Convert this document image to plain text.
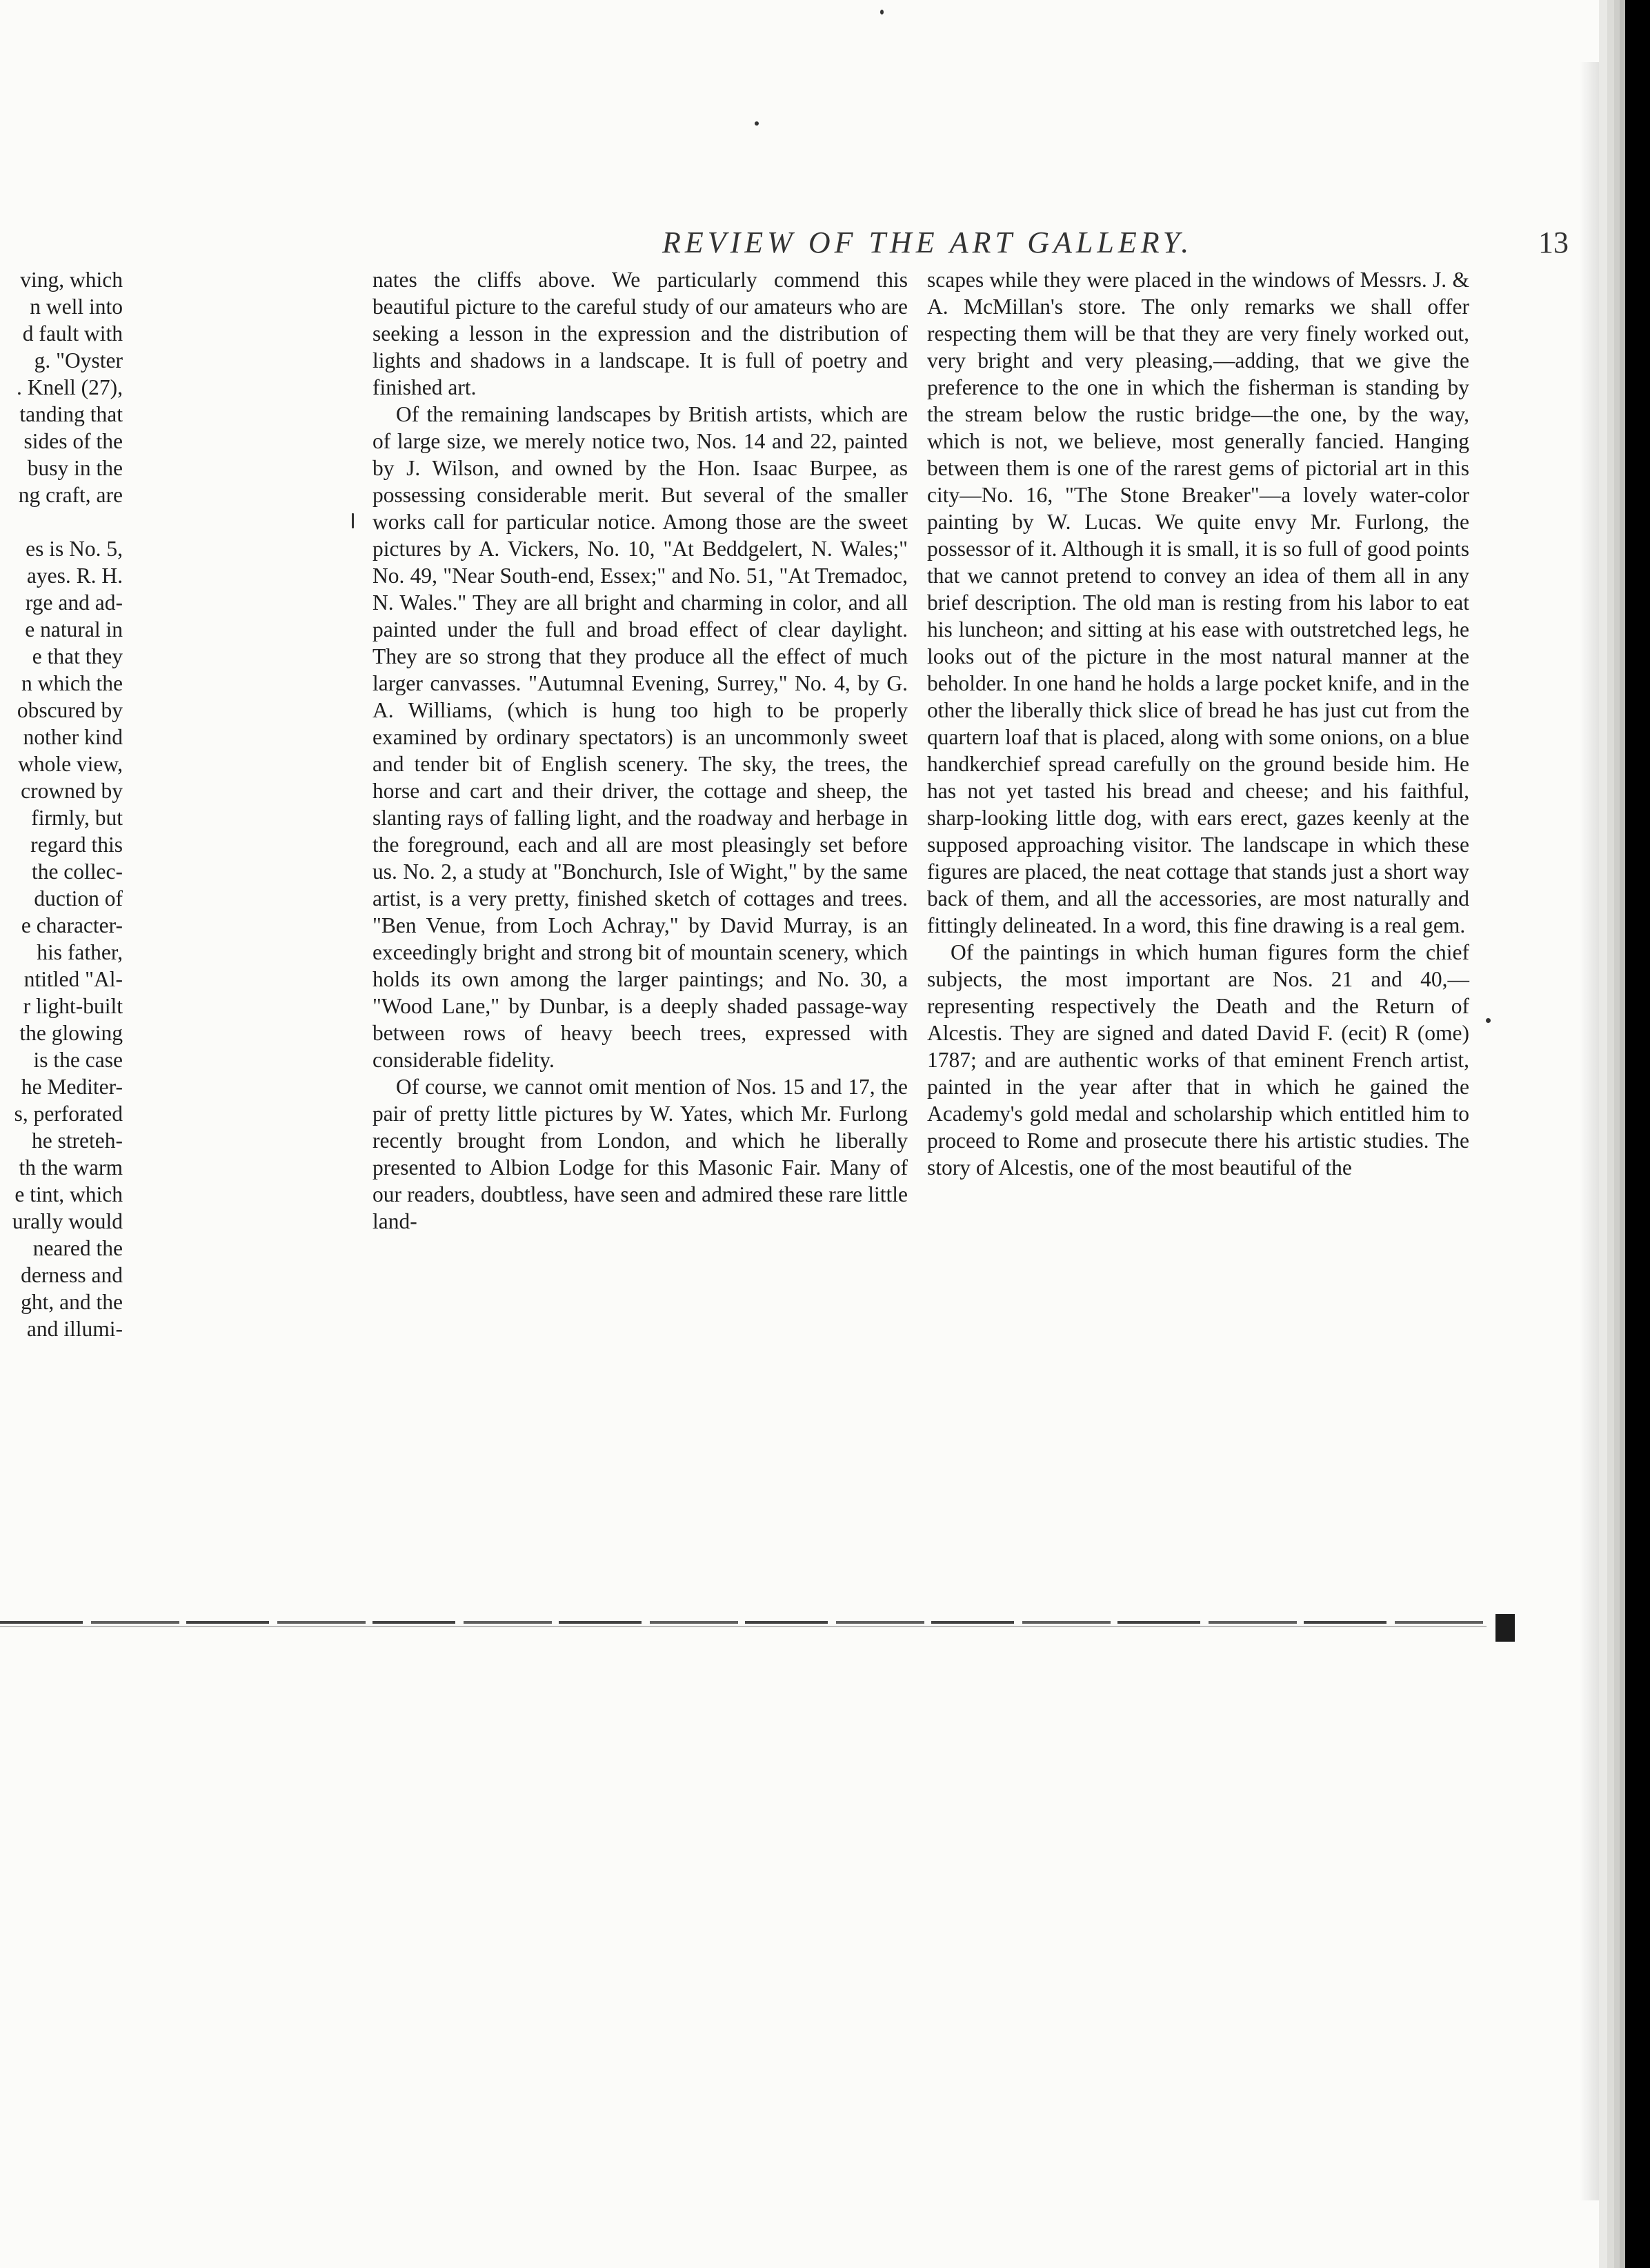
REVIEW OF THE ART GALLERY.	13
ving, which
n well into
d fault with
g. "Oyster
. Knell (27),
tanding that
sides of the
busy in the
ng craft, are

es is No. 5,
ayes. R. H.
rge and ad-
e natural in
e that they
n which the
obscured by
nother kind
whole view,
crowned by
firmly, but
regard this
the collec-
duction of
e character-
his father,
ntitled "Al-
r light-built
the glowing
is the case
he Mediter-
s, perforated
he streteh-
th the warm
e tint, which
urally would
neared the
derness and
ght, and the
and illumi-

nates the cliffs above. We particularly commend this beautiful picture to the careful study of our amateurs who are seeking a lesson in the expression and the distribution of lights and shadows in a landscape. It is full of poetry and finished art.

Of the remaining landscapes by British artists, which are of large size, we merely notice two, Nos. 14 and 22, painted by J. Wilson, and owned by the Hon. Isaac Burpee, as possessing considerable merit. But several of the smaller works call for particular notice. Among those are the sweet pictures by A. Vickers, No. 10, "At Beddgelert, N. Wales;" No. 49, "Near South-end, Essex;" and No. 51, "At Tremadoc, N. Wales." They are all bright and charming in color, and all painted under the full and broad effect of clear daylight. They are so strong that they produce all the effect of much larger canvasses. "Autumnal Evening, Surrey," No. 4, by G. A. Williams, (which is hung too high to be properly examined by ordinary spectators) is an uncommonly sweet and tender bit of English scenery. The sky, the trees, the horse and cart and their driver, the cottage and sheep, the slanting rays of falling light, and the roadway and herbage in the foreground, each and all are most pleasingly set before us. No. 2, a study at "Bonchurch, Isle of Wight," by the same artist, is a very pretty, finished sketch of cottages and trees. "Ben Venue, from Loch Achray," by David Murray, is an exceedingly bright and strong bit of mountain scenery, which holds its own among the larger paintings; and No. 30, a "Wood Lane," by Dunbar, is a deeply shaded passage-way between rows of heavy beech trees, expressed with considerable fidelity.

Of course, we cannot omit mention of Nos. 15 and 17, the pair of pretty little pictures by W. Yates, which Mr. Furlong recently brought from London, and which he liberally presented to Albion Lodge for this Masonic Fair. Many of our readers, doubtless, have seen and admired these rare little land-

scapes while they were placed in the windows of Messrs. J. & A. McMillan's store. The only remarks we shall offer respecting them will be that they are very finely worked out, very bright and very pleasing,—adding, that we give the preference to the one in which the fisherman is standing by the stream below the rustic bridge—the one, by the way, which is not, we believe, most generally fancied. Hanging between them is one of the rarest gems of pictorial art in this city—No. 16, "The Stone Breaker"—a lovely water-color painting by W. Lucas. We quite envy Mr. Furlong, the possessor of it. Although it is small, it is so full of good points that we cannot pretend to convey an idea of them all in any brief description. The old man is resting from his labor to eat his luncheon; and sitting at his ease with outstretched legs, he looks out of the picture in the most natural manner at the beholder. In one hand he holds a large pocket knife, and in the other the liberally thick slice of bread he has just cut from the quartern loaf that is placed, along with some onions, on a blue handkerchief spread carefully on the ground beside him. He has not yet tasted his bread and cheese; and his faithful, sharp-looking little dog, with ears erect, gazes keenly at the supposed approaching visitor. The landscape in which these figures are placed, the neat cottage that stands just a short way back of them, and all the accessories, are most naturally and fittingly delineated. In a word, this fine drawing is a real gem.

Of the paintings in which human figures form the chief subjects, the most important are Nos. 21 and 40,—representing respectively the Death and the Return of Alcestis. They are signed and dated David F. (ecit) R (ome) 1787; and are authentic works of that eminent French artist, painted in the year after that in which he gained the Academy's gold medal and scholarship which entitled him to proceed to Rome and prosecute there his artistic studies. The story of Alcestis, one of the most beautiful of the
